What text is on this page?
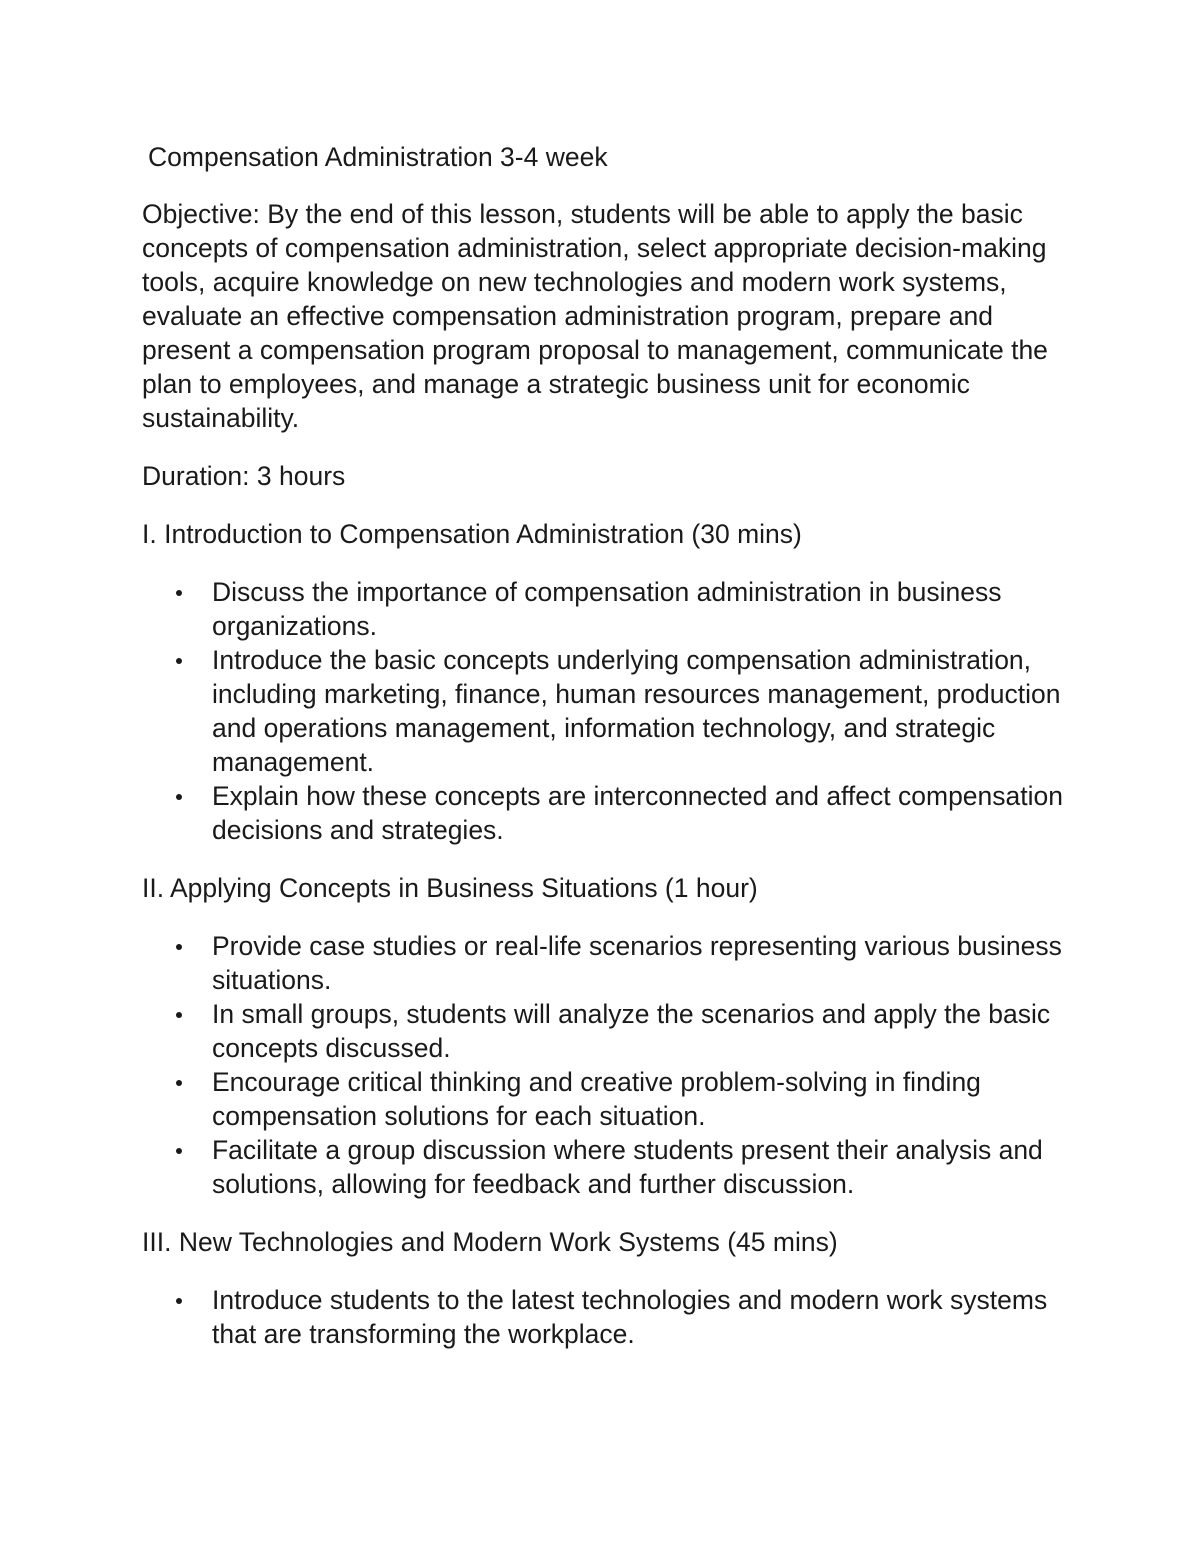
Compensation Administration 3-4 week

Objective: By the end of this lesson, students will be able to apply the basic concepts of compensation administration, select appropriate decision-making tools, acquire knowledge on new technologies and modern work systems, evaluate an effective compensation administration program, prepare and present a compensation program proposal to management, communicate the plan to employees, and manage a strategic business unit for economic sustainability.

Duration: 3 hours

I. Introduction to Compensation Administration (30 mins)
Discuss the importance of compensation administration in business organizations.
Introduce the basic concepts underlying compensation administration, including marketing, finance, human resources management, production and operations management, information technology, and strategic management.
Explain how these concepts are interconnected and affect compensation decisions and strategies.
II. Applying Concepts in Business Situations (1 hour)
Provide case studies or real-life scenarios representing various business situations.
In small groups, students will analyze the scenarios and apply the basic concepts discussed.
Encourage critical thinking and creative problem-solving in finding compensation solutions for each situation.
Facilitate a group discussion where students present their analysis and solutions, allowing for feedback and further discussion.
III. New Technologies and Modern Work Systems (45 mins)
Introduce students to the latest technologies and modern work systems that are transforming the workplace.
